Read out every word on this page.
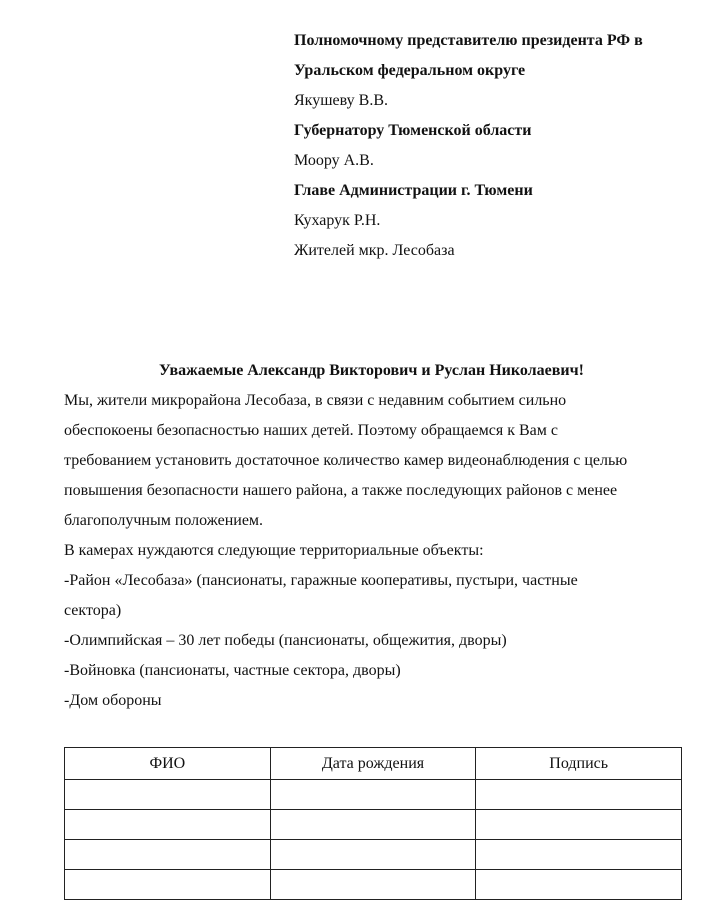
Полномочному представителю президента РФ в
Уральском федеральном округе
Якушеву В.В.
Губернатору Тюменской области
Моору А.В.
Главе Администрации г. Тюмени
Кухарук Р.Н.
Жителей мкр. Лесобаза
Уважаемые Александр Викторович и Руслан Николаевич!
Мы, жители микрорайона Лесобаза, в связи с недавним событием сильно
обеспокоены безопасностью наших детей. Поэтому обращаемся к Вам с
требованием установить достаточное количество камер видеонаблюдения с целью
повышения безопасности нашего района, а также последующих районов с менее
благополучным положением.
В камерах нуждаются следующие территориальные объекты:
-Район «Лесобаза» (пансионаты, гаражные кооперативы, пустыри, частные
сектора)
-Олимпийская – 30 лет победы (пансионаты, общежития, дворы)
-Войновка (пансионаты, частные сектора, дворы)
-Дом обороны
ФИО	Дата рождения	Подпись
